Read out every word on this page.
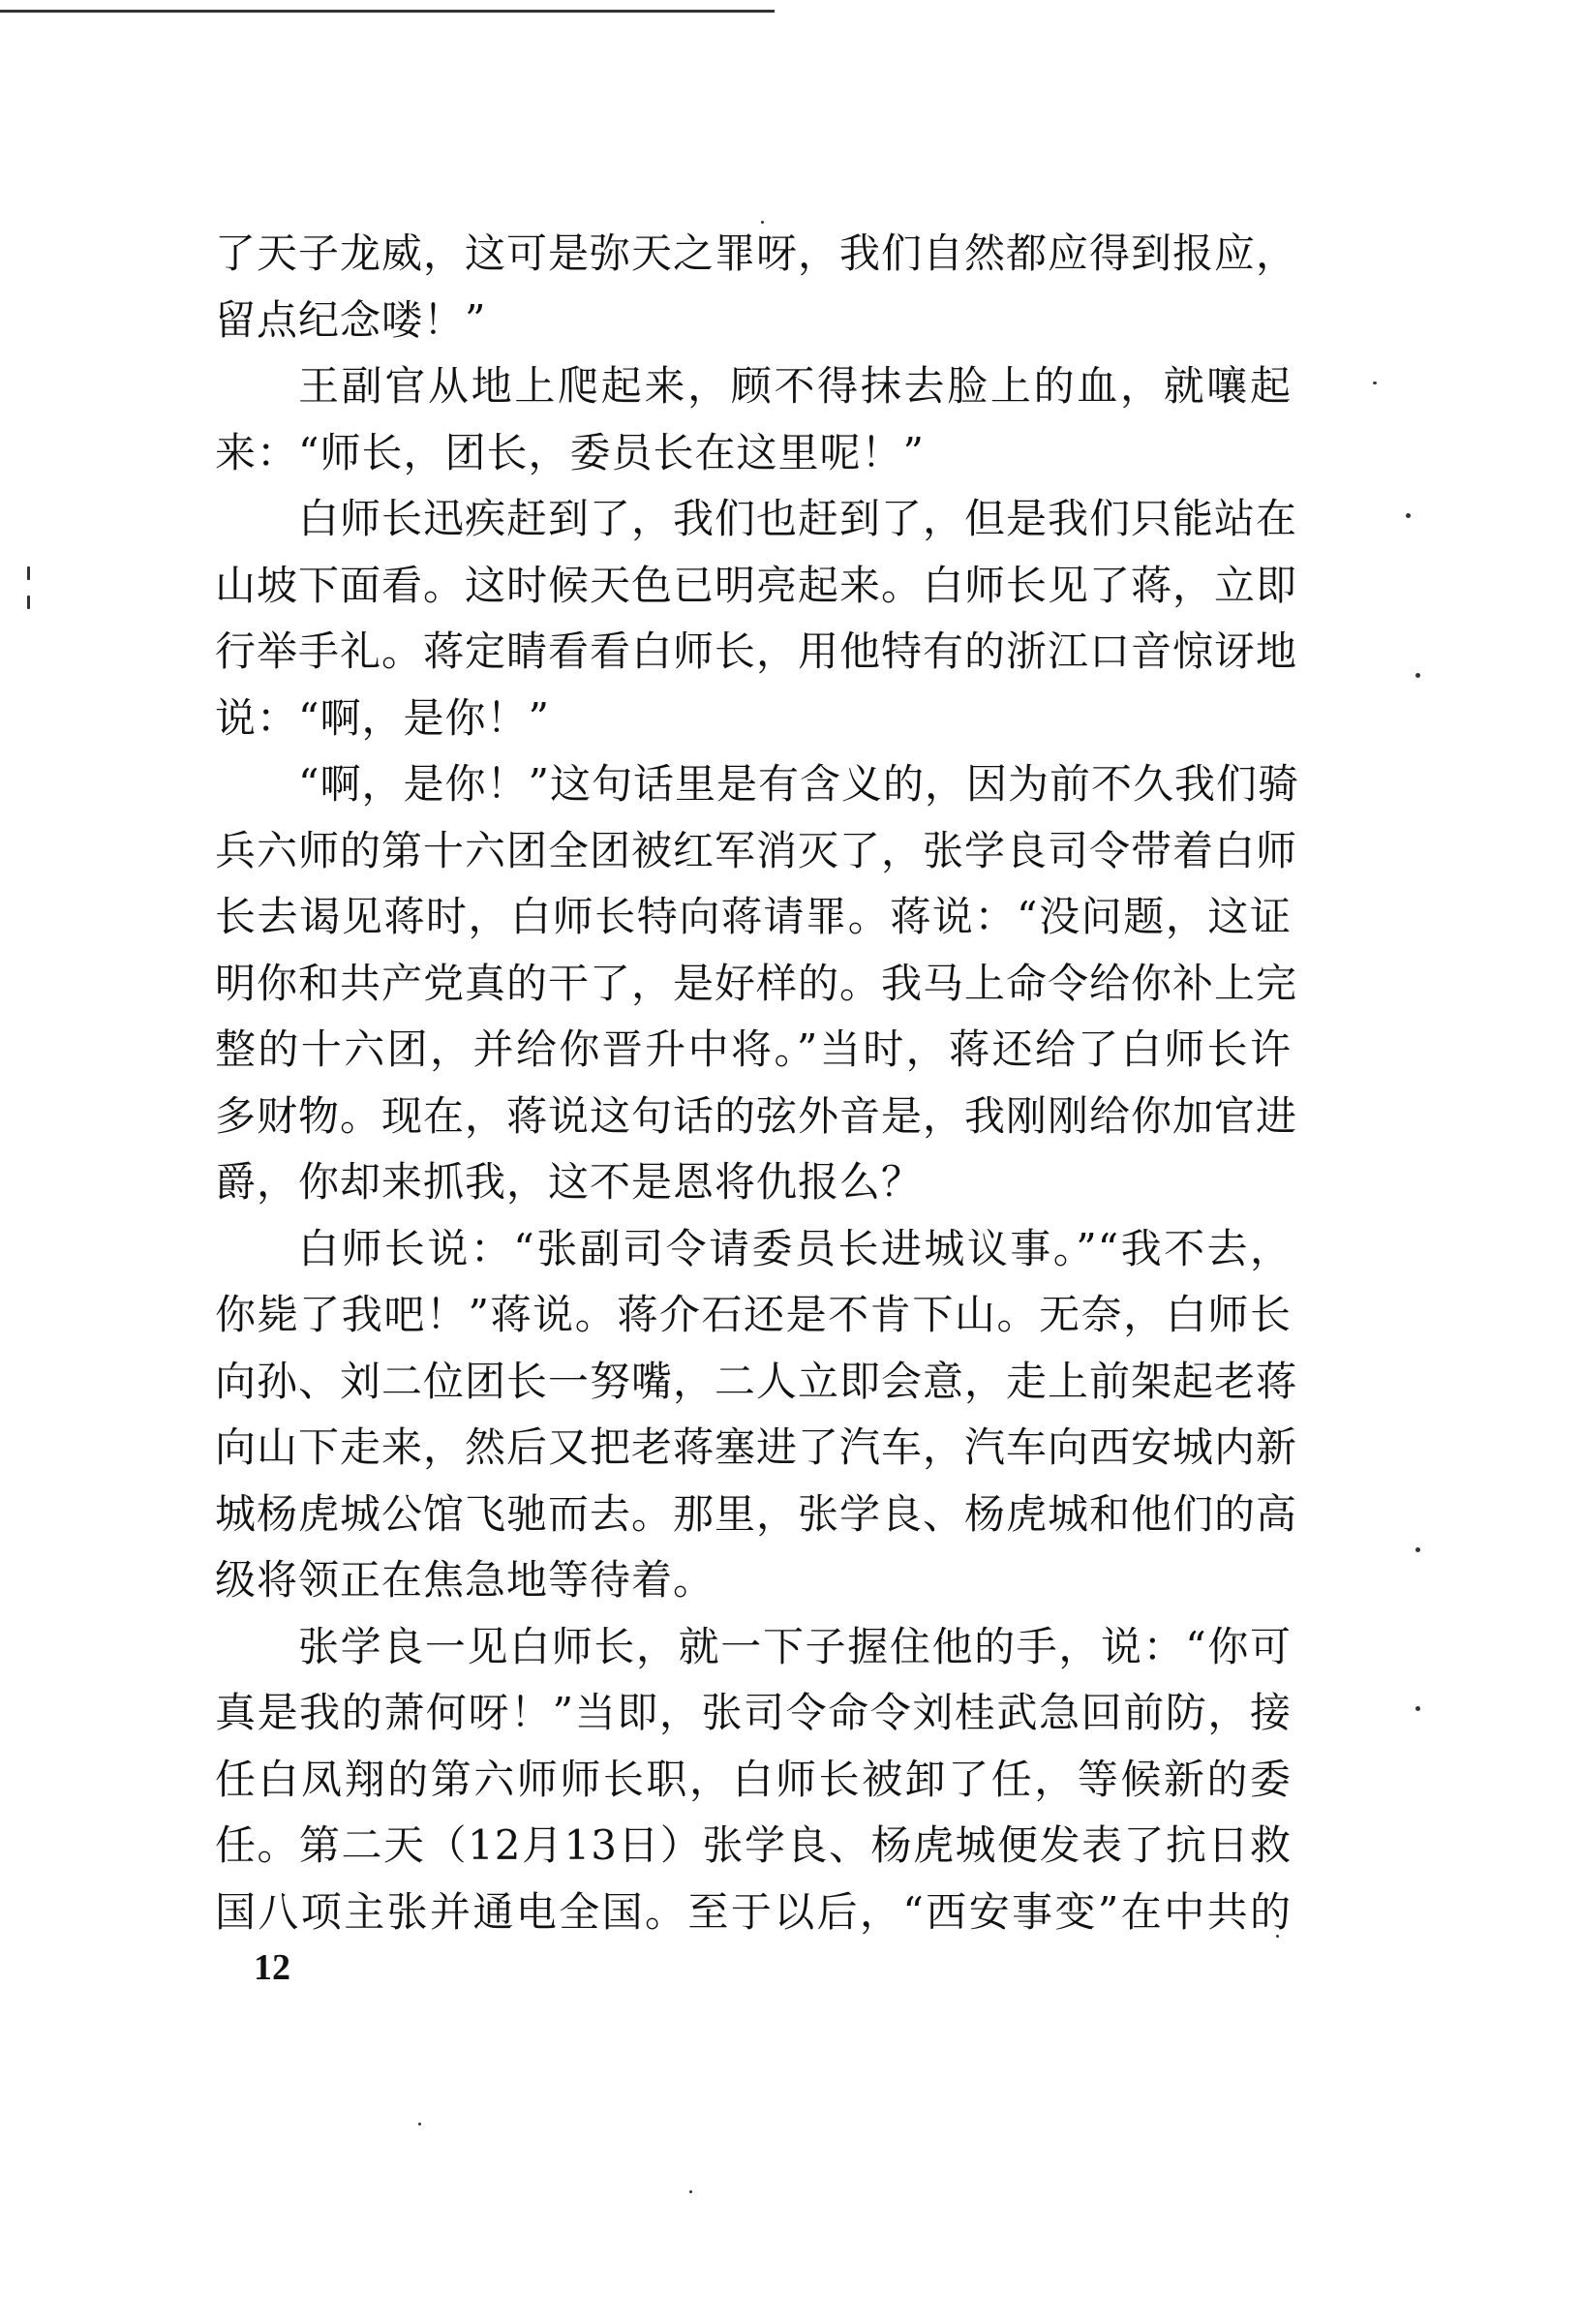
了天子龙威，这可是弥天之罪呀，我们自然都应得到报应，
留点纪念喽！”
王副官从地上爬起来，顾不得抹去脸上的血，就嚷起
来：“师长，团长，委员长在这里呢！”
白师长迅疾赶到了，我们也赶到了，但是我们只能站在
山坡下面看。这时候天色已明亮起来。白师长见了蒋，立即
行举手礼。蒋定睛看看白师长，用他特有的浙江口音惊讶地
说：“啊，是你！”
“啊，是你！”这句话里是有含义的，因为前不久我们骑
兵六师的第十六团全团被红军消灭了，张学良司令带着白师
长去谒见蒋时，白师长特向蒋请罪。蒋说：“没问题，这证
明你和共产党真的干了，是好样的。我马上命令给你补上完
整的十六团，并给你晋升中将。”当时，蒋还给了白师长许
多财物。现在，蒋说这句话的弦外音是，我刚刚给你加官进
爵，你却来抓我，这不是恩将仇报么？
白师长说：“张副司令请委员长进城议事。”“我不去，
你毙了我吧！”蒋说。蒋介石还是不肯下山。无奈，白师长
向孙、刘二位团长一努嘴，二人立即会意，走上前架起老蒋
向山下走来，然后又把老蒋塞进了汽车，汽车向西安城内新
城杨虎城公馆飞驰而去。那里，张学良、杨虎城和他们的高
级将领正在焦急地等待着。
张学良一见白师长，就一下子握住他的手，说：“你可
真是我的萧何呀！”当即，张司令命令刘桂武急回前防，接
任白凤翔的第六师师长职，白师长被卸了任，等候新的委
任。第二天（12月13日）张学良、杨虎城便发表了抗日救
国八项主张并通电全国。至于以后，“西安事变”在中共的
12
